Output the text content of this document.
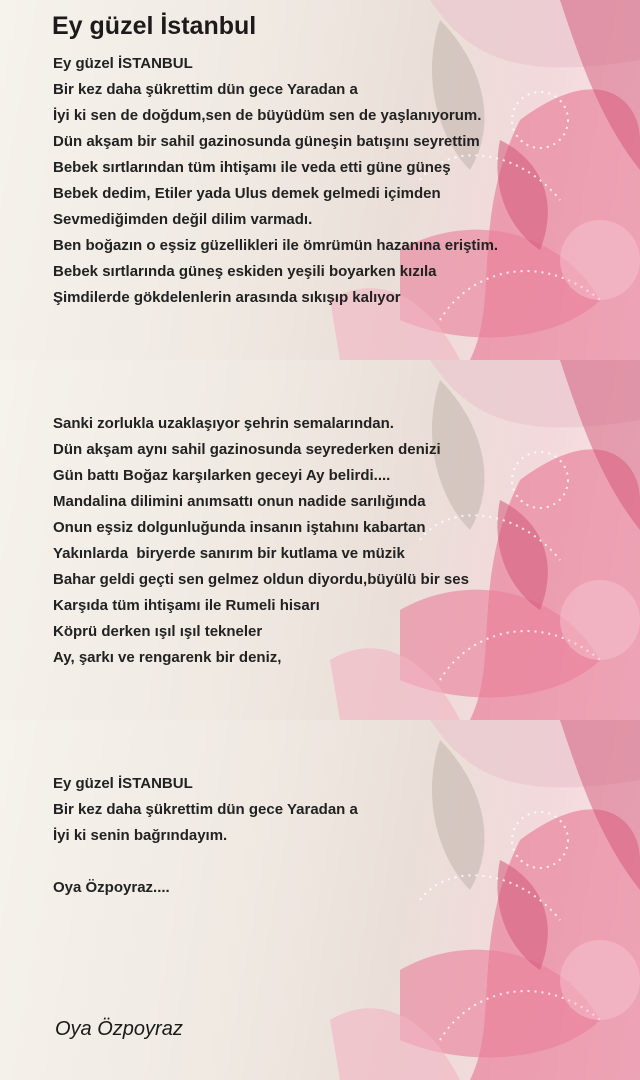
Ey güzel İstanbul
Ey güzel İSTANBUL
Bir kez daha şükrettim dün gece Yaradan a
İyi ki sen de doğdum,sen de büyüdüm sen de yaşlanıyorum.
Dün akşam bir sahil gazinosunda güneşin batışını seyrettim
Bebek sırtlarından tüm ihtişamı ile veda etti güne güneş
Bebek dedim, Etiler yada Ulus demek gelmedi içimden
Sevmediğimden değil dilim varmadı.
Ben boğazın o eşsiz güzellikleri ile ömrümün hazanına eriştim.
Bebek sırtlarında güneş eskiden yeşili boyarken kızıla
Şimdilerde gökdelenlerin arasında sıkışıp kalıyor
Sanki zorlukla uzaklaşıyor şehrin semalarından.
Dün akşam aynı sahil gazinosunda seyrederken denizi
Gün battı Boğaz karşılarken geceyi Ay belirdi....
Mandalina dilimini anımsattı onun nadide sarılığında
Onun eşsiz dolgunluğunda insanın iştahını kabartan
Yakınlarda  biryerde sanırım bir kutlama ve müzik
Bahar geldi geçti sen gelmez oldun diyordu,büyülü bir ses
Karşıda tüm ihtişamı ile Rumeli hisarı
Köprü derken ışıl ışıl tekneler
Ay, şarkı ve rengarenk bir deniz,
Ey güzel İSTANBUL
Bir kez daha şükrettim dün gece Yaradan a
İyi ki senin bağrındayım.
Oya Özpoyraz....
Oya Özpoyraz
